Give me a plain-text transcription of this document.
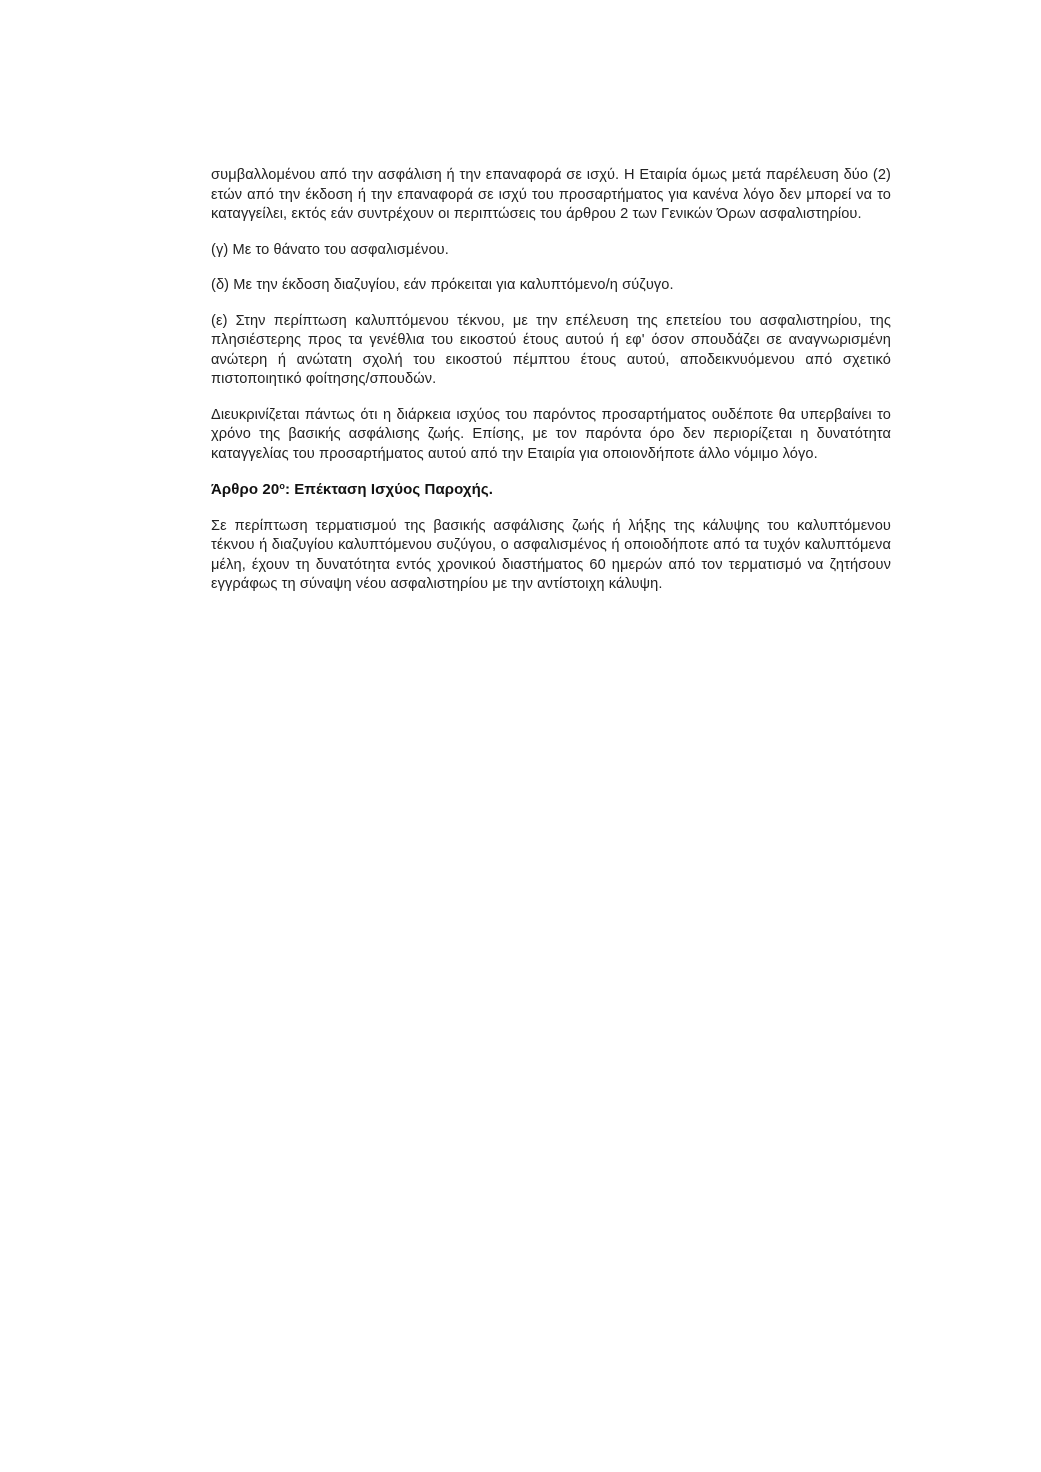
συμβαλλομένου από την ασφάλιση ή την επαναφορά σε ισχύ. Η Εταιρία όμως μετά παρέλευση δύο (2) ετών από την έκδοση ή την επαναφορά σε ισχύ του προσαρτήματος για κανένα λόγο δεν μπορεί να το καταγγείλει, εκτός εάν συντρέχουν οι περιπτώσεις του άρθρου 2 των Γενικών Όρων ασφαλιστηρίου.

(γ) Με το θάνατο του ασφαλισμένου.

(δ) Με την έκδοση διαζυγίου, εάν πρόκειται για καλυπτόμενο/η σύζυγο.

(ε) Στην περίπτωση καλυπτόμενου τέκνου, με την επέλευση της επετείου του ασφαλιστηρίου, της πλησιέστερης προς τα γενέθλια του εικοστού έτους αυτού ή εφ' όσον σπουδάζει σε αναγνωρισμένη ανώτερη ή ανώτατη σχολή του εικοστού πέμπτου έτους αυτού, αποδεικνυόμενου από σχετικό πιστοποιητικό φοίτησης/σπουδών.

Διευκρινίζεται πάντως ότι η διάρκεια ισχύος του παρόντος προσαρτήματος ουδέποτε θα υπερβαίνει το χρόνο της βασικής ασφάλισης ζωής. Επίσης, με τον παρόντα όρο δεν περιορίζεται η δυνατότητα καταγγελίας του προσαρτήματος αυτού από την Εταιρία για οποιονδήποτε άλλο νόμιμο λόγο.

Άρθρο $20^o$: Επέκταση Ισχύος Παροχής.

Σε περίπτωση τερματισμού της βασικής ασφάλισης ζωής ή λήξης της κάλυψης του καλυπτόμενου τέκνου ή διαζυγίου καλυπτόμενου συζύγου, ο ασφαλισμένος ή οποιοδήποτε από τα τυχόν καλυπτόμενα μέλη, έχουν τη δυνατότητα εντός χρονικού διαστήματος 60 ημερών από τον τερματισμό να ζητήσουν εγγράφως τη σύναψη νέου ασφαλιστηρίου με την αντίστοιχη κάλυψη.
